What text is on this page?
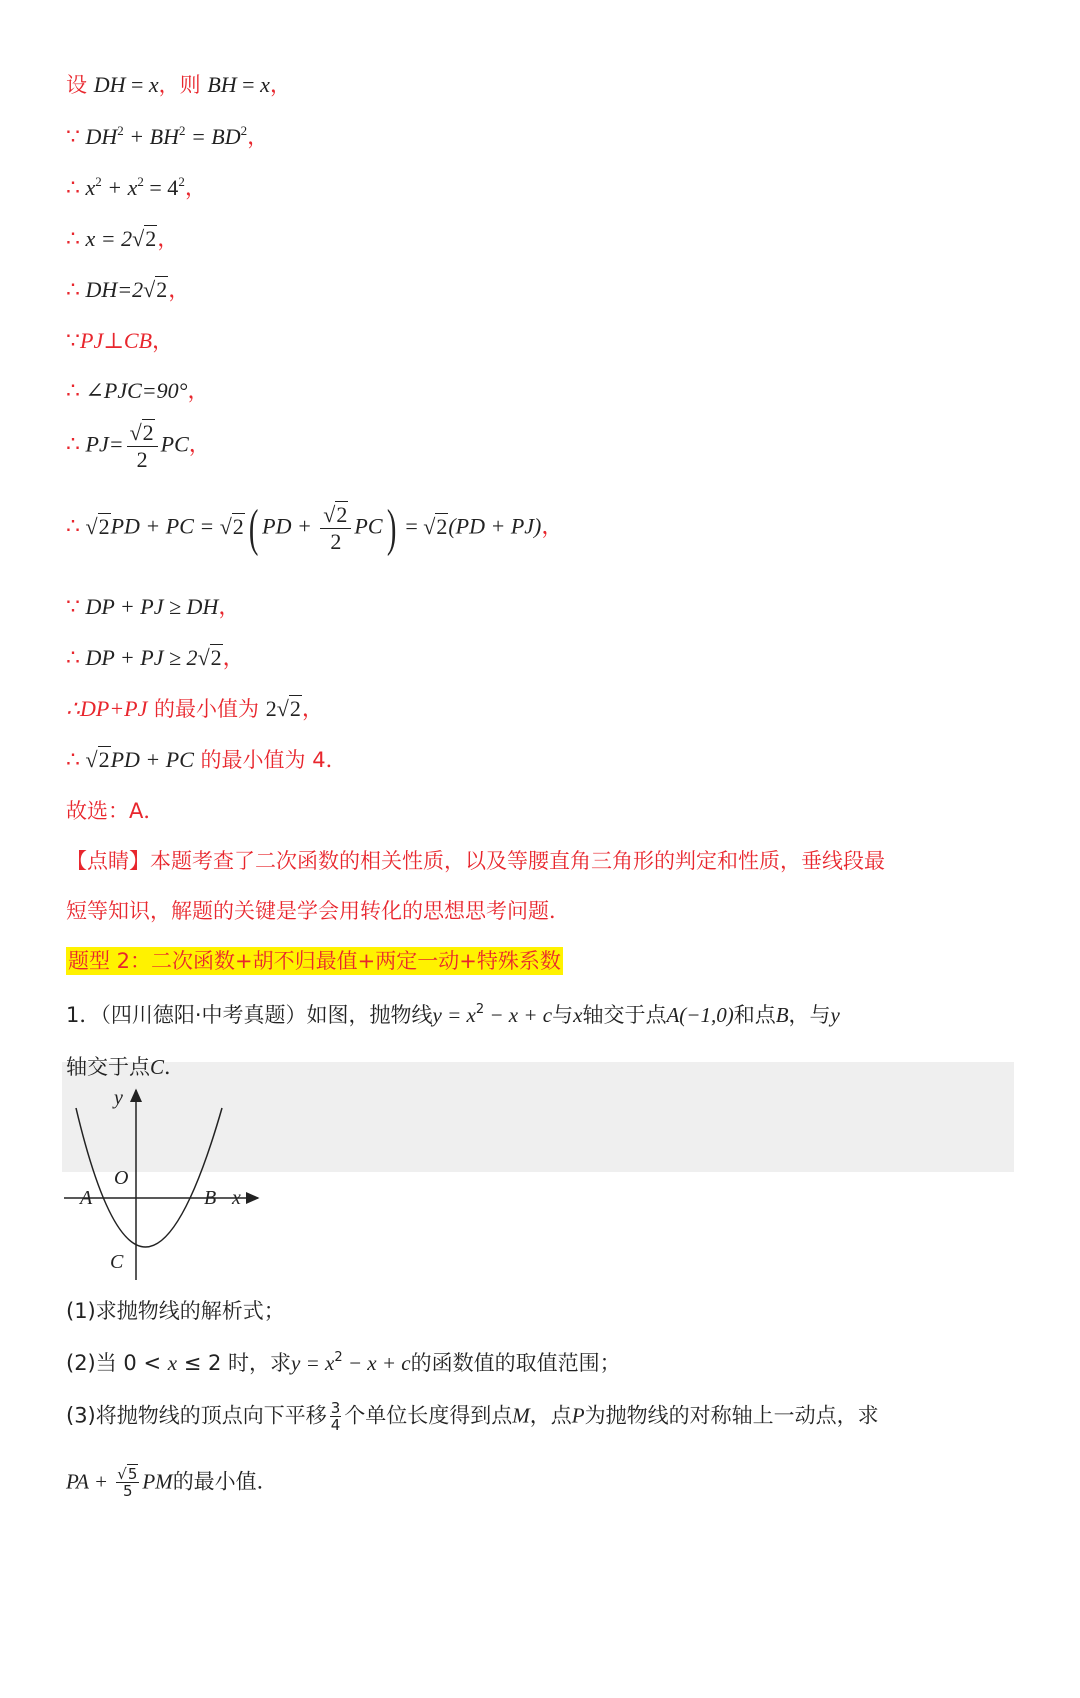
设 DH = x，则 BH = x，
∵ $DH^2 + BH^2 = BD^2$，
∴ $x^2 + x^2 = 4^2$，
∴ x = 2√2，
∴ DH=2√2，
∵PJ⊥CB，
∴ ∠PJC=90°，
∴ $PJ= \frac{√2}{2}$ PC，
∴ √2PD + PC = √2( PD + $\frac{√2}{2} PC) = √2(PD + PJ)$，
∵ DP + PJ ≥ DH，
∴ DP + PJ ≥ 2√2，
∴DP+PJ 的最小值为 2√2，
∴ √2PD + PC 的最小值为 4．
故选：A．
【点睛】本题考查了二次函数的相关性质，以及等腰直角三角形的判定和性质，垂线段最
短等知识，解题的关键是学会用转化的思想思考问题．
题型 2：二次函数+胡不归最值+两定一动+特殊系数
1．（四川德阳·中考真题）如图，抛物线$y = x^2 - x + c$与x轴交于点A(−1,0)和点B，与y
轴交于点C．
y
x
O
A	B
C
(1)求抛物线的解析式；
(2)当 0 < x ≤ 2 时，求$y = x^2 - x + c$的函数值的取值范围；
(3)将抛物线的顶点向下平移 $\frac{3}{4}$ 个单位长度得到点M，点P为抛物线的对称轴上一动点，求
PA + $\frac{√5}{5}$ PM的最小值．
